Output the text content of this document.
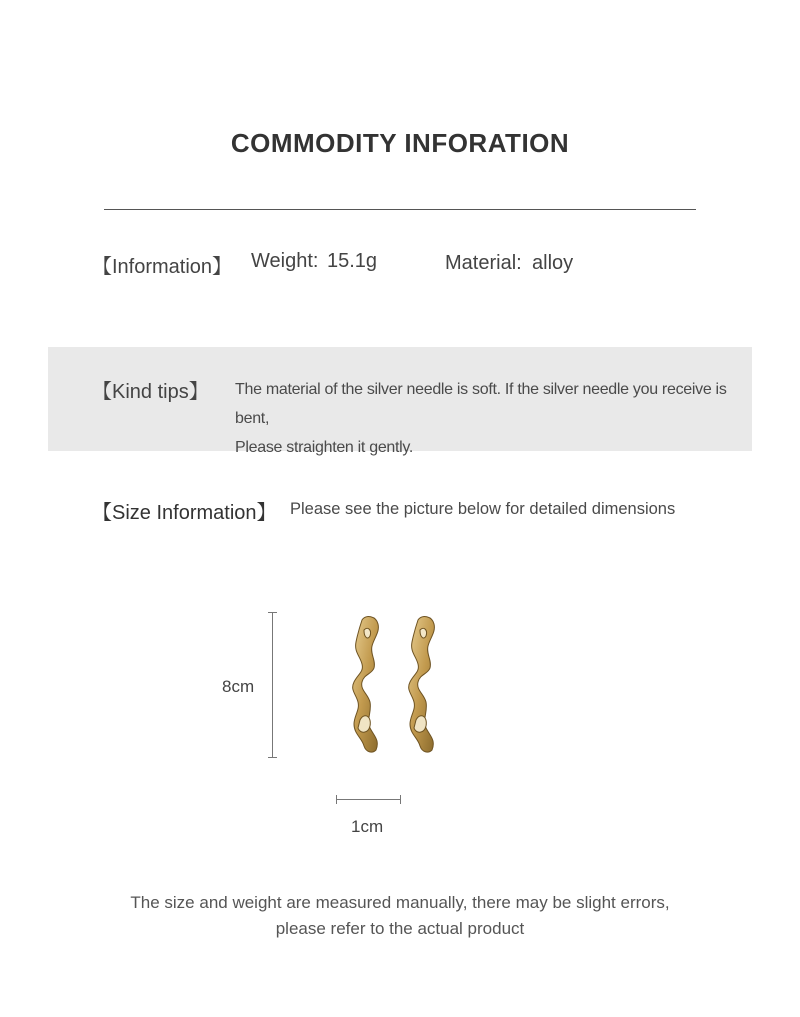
COMMODITY INFORATION
【Information】 Weight: 15.1g	Material: alloy
【Kind tips】 The material of the silver needle is soft. If the silver needle you receive is bent,
Please straighten it gently.
【Size Information】 Please see the picture below for detailed dimensions
8cm
1cm
The size and weight are measured manually, there may be slight errors,
please refer to the actual product
